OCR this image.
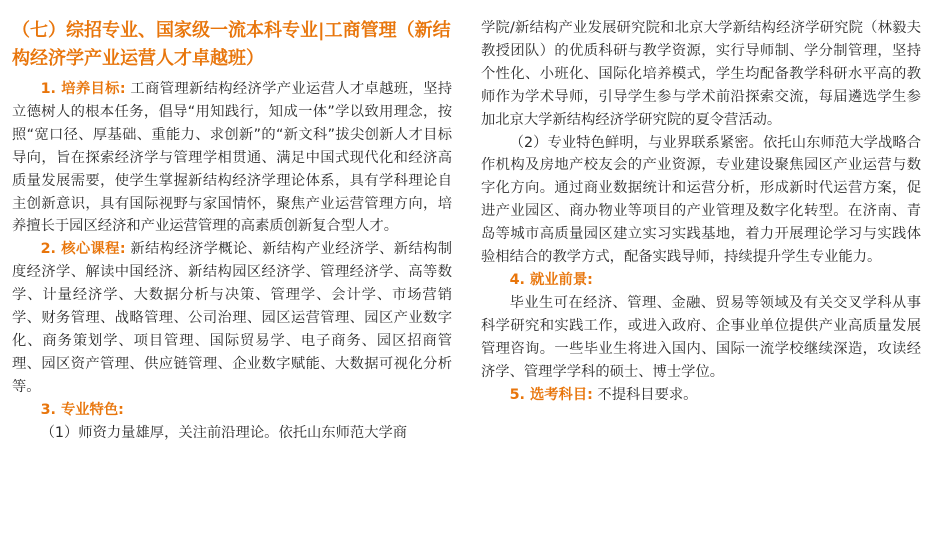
（七）综招专业、国家级一流本科专业|工商管理（新结构经济学产业运营人才卓越班）

1. 培养目标: 工商管理新结构经济学产业运营人才卓越班，坚持立德树人的根本任务，倡导“用知践行，知成一体”学以致用理念，按照“宽口径、厚基础、重能力、求创新”的“新文科”拔尖创新人才目标导向，旨在探索经济学与管理学相贯通、满足中国式现代化和经济高质量发展需要，使学生掌握新结构经济学理论体系，具有学科理论自主创新意识，具有国际视野与家国情怀，聚焦产业运营管理方向，培养擅长于园区经济和产业运营管理的高素质创新复合型人才。

2. 核心课程: 新结构经济学概论、新结构产业经济学、新结构制度经济学、解读中国经济、新结构园区经济学、管理经济学、高等数学、计量经济学、大数据分析与决策、管理学、会计学、市场营销学、财务管理、战略管理、公司治理、园区运营管理、园区产业数字化、商务策划学、项目管理、国际贸易学、电子商务、园区招商管理、园区资产管理、供应链管理、企业数字赋能、大数据可视化分析等。

3. 专业特色:

（1）师资力量雄厚，关注前沿理论。依托山东师范大学商

学院/新结构产业发展研究院和北京大学新结构经济学研究院（林毅夫教授团队）的优质科研与教学资源，实行导师制、学分制管理，坚持个性化、小班化、国际化培养模式，学生均配备教学科研水平高的教师作为学术导师，引导学生参与学术前沿探索交流，每届遴选学生参加北京大学新结构经济学研究院的夏令营活动。

（2）专业特色鲜明，与业界联系紧密。依托山东师范大学战略合作机构及房地产校友会的产业资源，专业建设聚焦园区产业运营与数字化方向。通过商业数据统计和运营分析，形成新时代运营方案，促进产业园区、商办物业等项目的产业管理及数字化转型。在济南、青岛等城市高质量园区建立实习实践基地，着力开展理论学习与实践体验相结合的教学方式，配备实践导师，持续提升学生专业能力。

4. 就业前景:

毕业生可在经济、管理、金融、贸易等领域及有关交叉学科从事科学研究和实践工作，或进入政府、企事业单位提供产业高质量发展管理咨询。一些毕业生将进入国内、国际一流学校继续深造，攻读经济学、管理学学科的硕士、博士学位。

5. 选考科目: 不提科目要求。
